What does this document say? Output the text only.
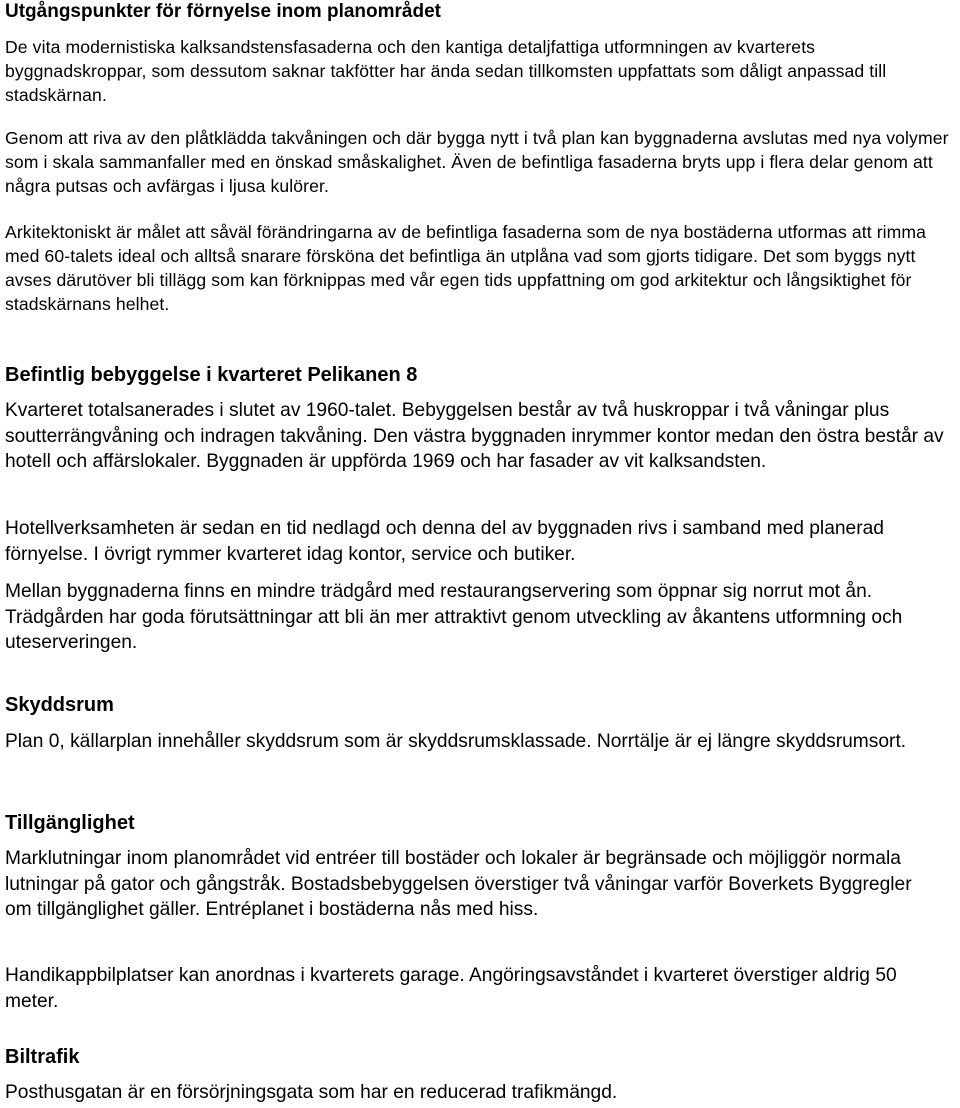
Utgångspunkter för förnyelse inom planområdet

De vita modernistiska kalksandstensfasaderna och den kantiga detaljfattiga utformningen av kvarterets byggnadskroppar, som dessutom saknar takfötter har ända sedan tillkomsten uppfattats som dåligt anpassad till stadskärnan.

Genom att riva av den plåtklädda takvåningen och där bygga nytt i två plan kan byggnaderna avslutas med nya volymer som i skala sammanfaller med en önskad småskalighet. Även de befintliga fasaderna bryts upp i flera delar genom att några putsas och avfärgas i ljusa kulörer.

Arkitektoniskt är målet att såväl förändringarna av de befintliga fasaderna som de nya bostäderna utformas att rimma med 60-talets ideal och alltså snarare försköna det befintliga än utplåna vad som gjorts tidigare. Det som byggs nytt avses därutöver bli tillägg som kan förknippas med vår egen tids uppfattning om god arkitektur och långsiktighet för stadskärnans helhet.

Befintlig bebyggelse i kvarteret Pelikanen 8

Kvarteret totalsanerades i slutet av 1960-talet. Bebyggelsen består av två huskroppar i två våningar plus soutterrängvåning och indragen takvåning. Den västra byggnaden inrymmer kontor medan den östra består av hotell och affärslokaler. Byggnaden är uppförda 1969 och har fasader av vit kalksandsten.

Hotellverksamheten är sedan en tid nedlagd och denna del av byggnaden rivs i samband med planerad förnyelse. I övrigt rymmer kvarteret idag kontor, service och butiker.

Mellan byggnaderna finns en mindre trädgård med restaurangservering som öppnar sig norrut mot ån. Trädgården har goda förutsättningar att bli än mer attraktivt genom utveckling av åkantens utformning och uteserveringen.

Skyddsrum

Plan 0, källarplan innehåller skyddsrum som är skyddsrumsklassade. Norrtälje är ej längre skyddsrumsort.

Tillgänglighet

Marklutningar inom planområdet vid entréer till bostäder och lokaler är begränsade och möjliggör normala lutningar på gator och gångstråk. Bostadsbebyggelsen överstiger två våningar varför Boverkets Byggregler om tillgänglighet gäller. Entréplanet i bostäderna nås med hiss.

Handikappbilplatser kan anordnas i kvarterets garage. Angöringsavståndet i kvarteret överstiger aldrig 50 meter.

Biltrafik

Posthusgatan är en försörjningsgata som har en reducerad trafikmängd.
